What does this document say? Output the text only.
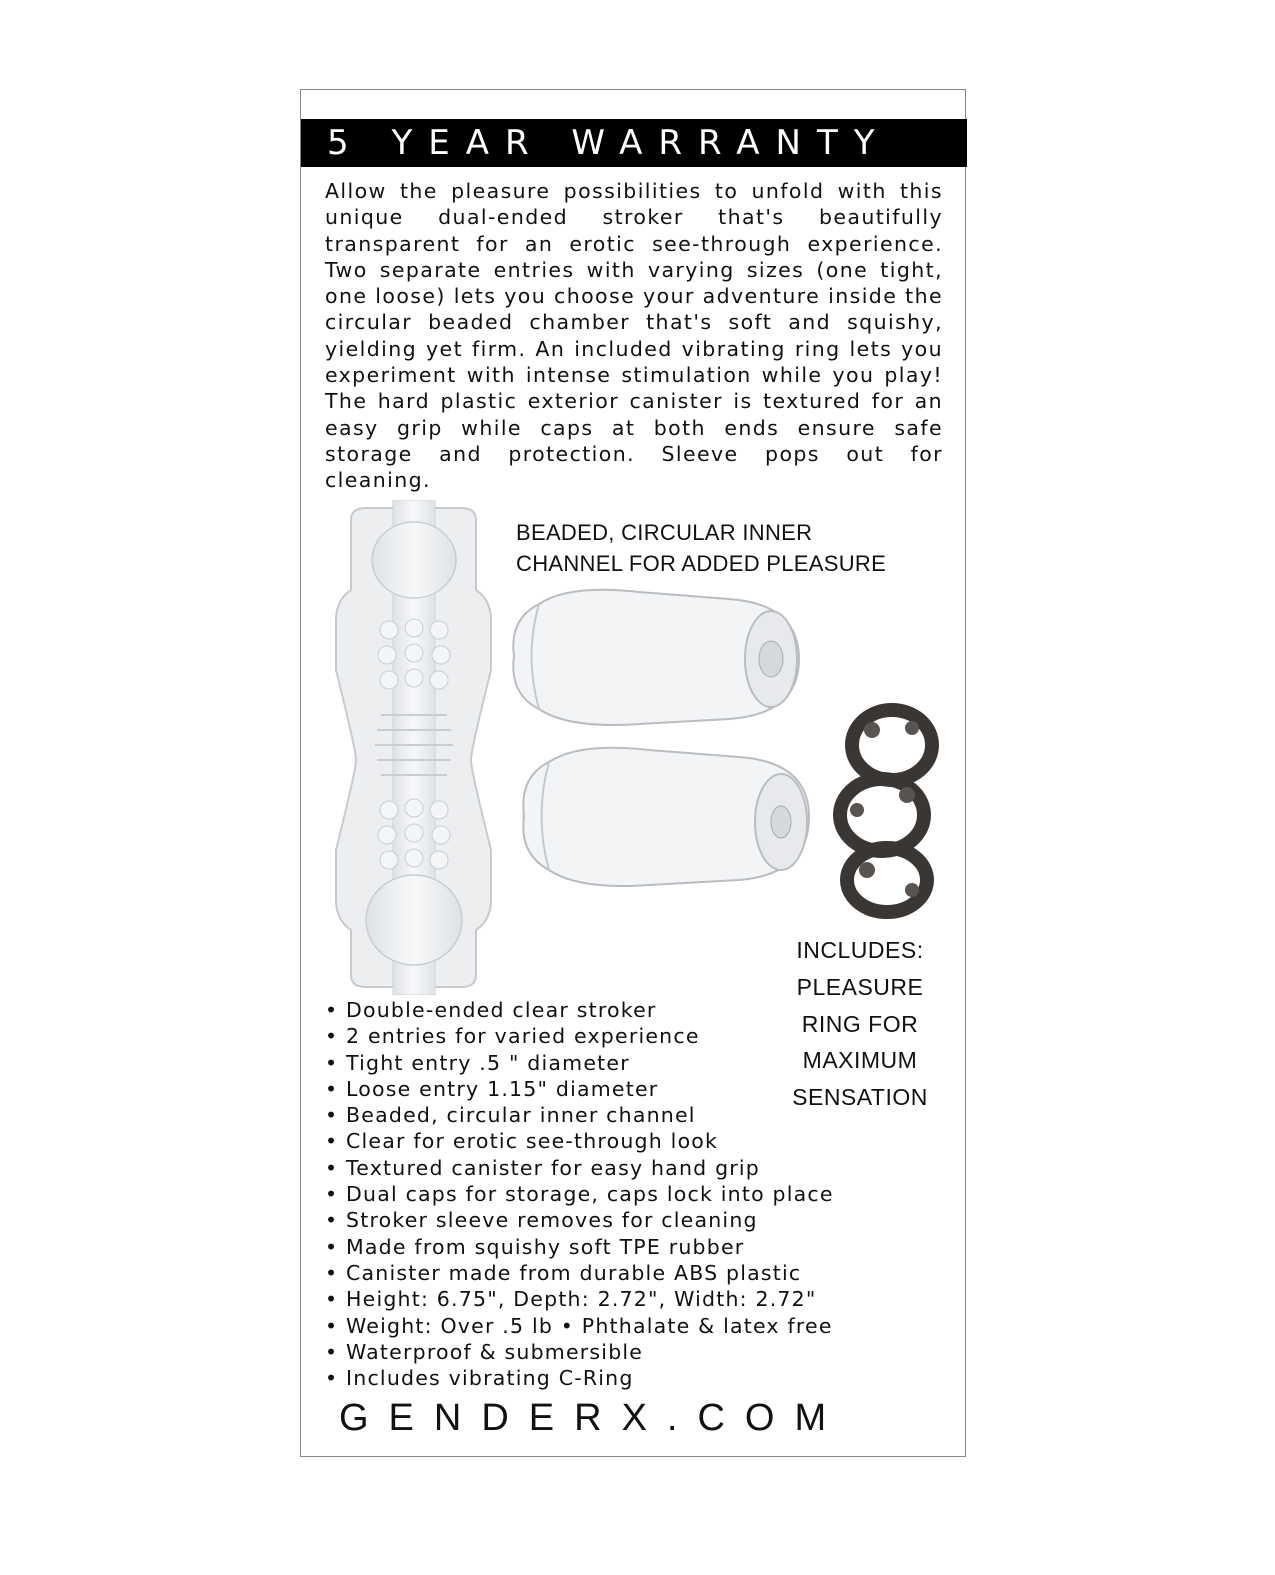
5 YEAR WARRANTY
Allow the pleasure possibilities to unfold with this unique dual-ended stroker that's beautifully transparent for an erotic see-through experience. Two separate entries with varying sizes (one tight, one loose) lets you choose your adventure inside the circular beaded chamber that's soft and squishy, yielding yet firm. An included vibrating ring lets you experiment with intense stimulation while you play! The hard plastic exterior canister is textured for an easy grip while caps at both ends ensure safe storage and protection. Sleeve pops out for cleaning.
BEADED, CIRCULAR INNER
CHANNEL FOR ADDED PLEASURE
INCLUDES:
PLEASURE
RING FOR
MAXIMUM
SENSATION
• Double-ended clear stroker
• 2 entries for varied experience
• Tight entry .5 " diameter
• Loose entry 1.15" diameter
• Beaded, circular inner channel
• Clear for erotic see-through look
• Textured canister for easy hand grip
• Dual caps for storage, caps lock into place
• Stroker sleeve removes for cleaning
• Made from squishy soft TPE rubber
• Canister made from durable ABS plastic
• Height: 6.75", Depth: 2.72", Width: 2.72"
• Weight: Over .5 lb • Phthalate & latex free
• Waterproof & submersible
• Includes vibrating C-Ring
GENDERX.COM
